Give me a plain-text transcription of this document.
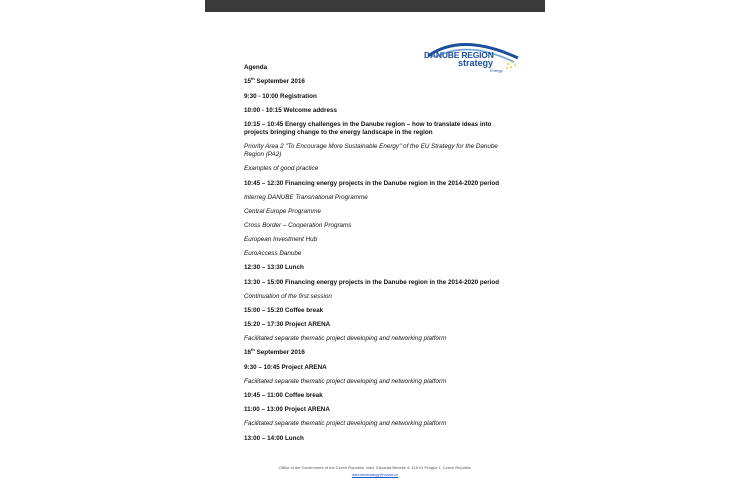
DANUBE REGION
strategy
Energy
Agenda
15th September 2016
9:30 - 10:00 Registration
10:00 - 10:15 Welcome address
10:15 – 10:45 Energy challenges in the Danube region – how to translate ideas into projects bringing change to the energy landscape in the region
Priority Area 2 "To Encourage More Sustainable Energy" of the EU Strategy for the Danube Region (PA2)
Examples of good practice
10:45 – 12:30 Financing energy projects in the Danube region in the 2014-2020 period
Interreg DANUBE Transnational Programme
Central Europe Programme
Cross Border – Cooperation Programs
European Investment Hub
EuroAccess Danube
12:30 – 13:30 Lunch
13:30 – 15:00 Financing energy projects in the Danube region in the 2014-2020 period
Continuation of the first session
15:00 – 15:20 Coffee break
15:20 – 17:30 Project ARENA
Facilitated separate thematic project developing and networking platform
16th September 2016
9:30 – 10:45 Project ARENA
Facilitated separate thematic project developing and networking platform
10:45 – 11:00 Coffee break
11:00 – 13:00 Project ARENA
Facilitated separate thematic project developing and networking platform
13:00 – 14:00 Lunch
Office of the Government of the Czech Republic, nábř. Edvarda Beneše 4, 118 01 Prague 1, Czech Republic
danubestrategy@vlada.cz
